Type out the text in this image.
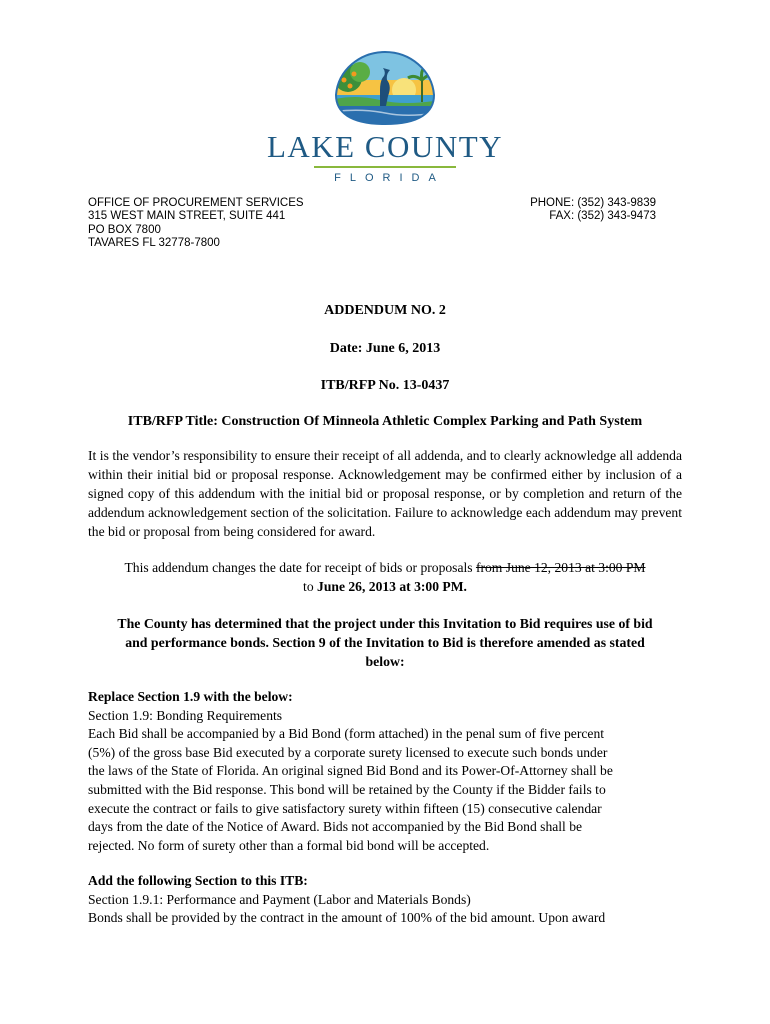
LAKE COUNTY
FLORIDA
OFFICE OF PROCUREMENT SERVICES
315 WEST MAIN STREET, SUITE 441
PO BOX 7800
TAVARES FL 32778-7800
PHONE: (352) 343-9839
FAX: (352) 343-9473
ADDENDUM NO. 2
Date: June 6, 2013
ITB/RFP No. 13-0437
ITB/RFP Title: Construction Of Minneola Athletic Complex Parking and Path System
It is the vendor’s responsibility to ensure their receipt of all addenda, and to clearly acknowledge all addenda within their initial bid or proposal response. Acknowledgement may be confirmed either by inclusion of a signed copy of this addendum with the initial bid or proposal response, or by completion and return of the addendum acknowledgement section of the solicitation. Failure to acknowledge each addendum may prevent the bid or proposal from being considered for award.
This addendum changes the date for receipt of bids or proposals from June 12, 2013 at 3:00 PM
to June 26, 2013 at 3:00 PM.
The County has determined that the project under this Invitation to Bid requires use of bid
and performance bonds. Section 9 of the Invitation to Bid is therefore amended as stated
below:
Replace Section 1.9 with the below:
Section 1.9: Bonding Requirements
Each Bid shall be accompanied by a Bid Bond (form attached) in the penal sum of five percent
(5%) of the gross base Bid executed by a corporate surety licensed to execute such bonds under
the laws of the State of Florida. An original signed Bid Bond and its Power-Of-Attorney shall be
submitted with the Bid response. This bond will be retained by the County if the Bidder fails to
execute the contract or fails to give satisfactory surety within fifteen (15) consecutive calendar
days from the date of the Notice of Award. Bids not accompanied by the Bid Bond shall be
rejected. No form of surety other than a formal bid bond will be accepted.
Add the following Section to this ITB:
Section 1.9.1: Performance and Payment (Labor and Materials Bonds)
Bonds shall be provided by the contract in the amount of 100% of the bid amount. Upon award
